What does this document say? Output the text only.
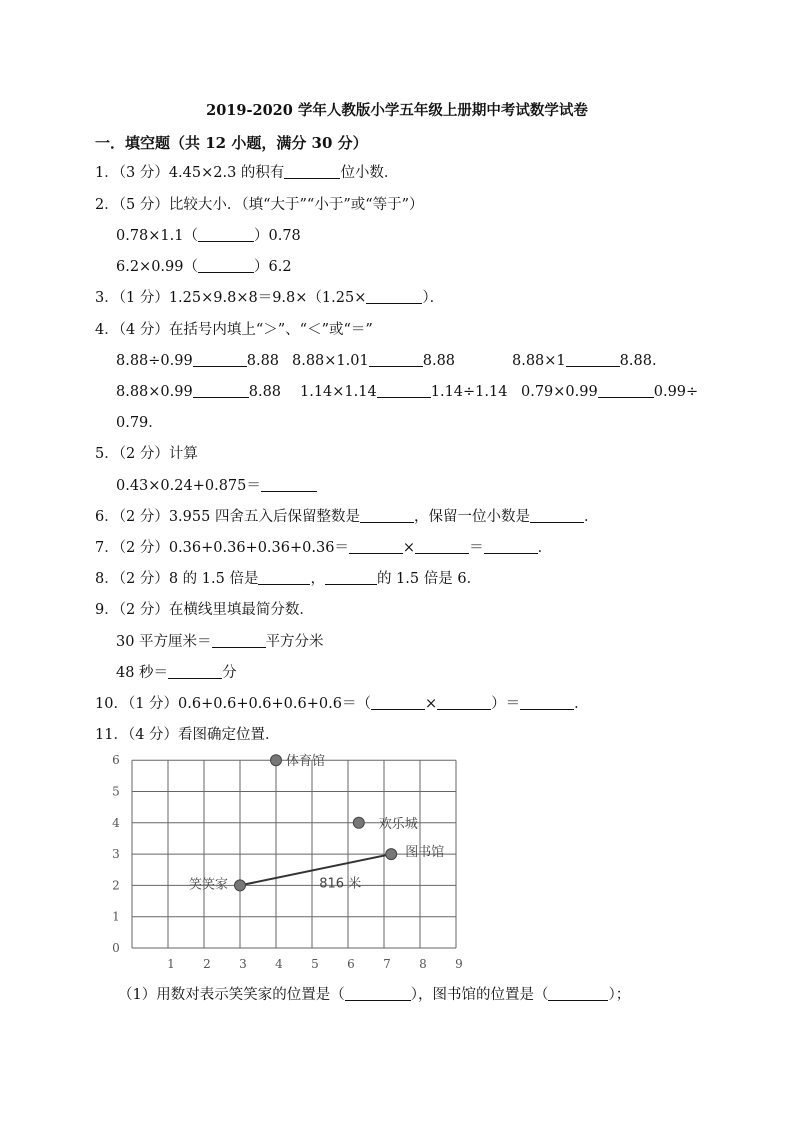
2019-2020 学年人教版小学五年级上册期中考试数学试卷
一．填空题（共 12 小题，满分 30 分）
1．（3 分）4.45×2.3 的积有	位小数．
2．（5 分）比较大小．（填“大于”“小于”或“等于”）
0.78×1.1（	）0.78
6.2×0.99（	）6.2
3．（1 分）1.25×9.8×8＝9.8×（1.25×	）．
4．（4 分）在括号内填上“＞”、“＜”或“＝”
8.88÷0.99	8.88 8.88×1.01	8.88	8.88×1	8.88.
8.88×0.99	8.88 1.14×1.14	1.14÷1.14 0.79×0.99	0.99÷
0.79．
5．（2 分）计算
0.43×0.24+0.875＝
6．（2 分）3.955 四舍五入后保留整数是	，保留一位小数是	．
7．（2 分）0.36+0.36+0.36+0.36＝	×	＝	．
8．（2 分）8 的 1.5 倍是	，	的 1.5 倍是 6．
9．（2 分）在横线里填最简分数．
30 平方厘米＝	平方分米
48 秒＝	分
10．（1 分）0.6+0.6+0.6+0.6+0.6＝（	×	）＝	．
11．（4 分）看图确定位置．
1 2 3 4 5 6 7 8 9
0
1
2
3
4
5
6	体育馆
欢乐城
图书馆
笑笑家	816 米
（1）用数对表示笑笑家的位置是（	），图书馆的位置是（	）；
